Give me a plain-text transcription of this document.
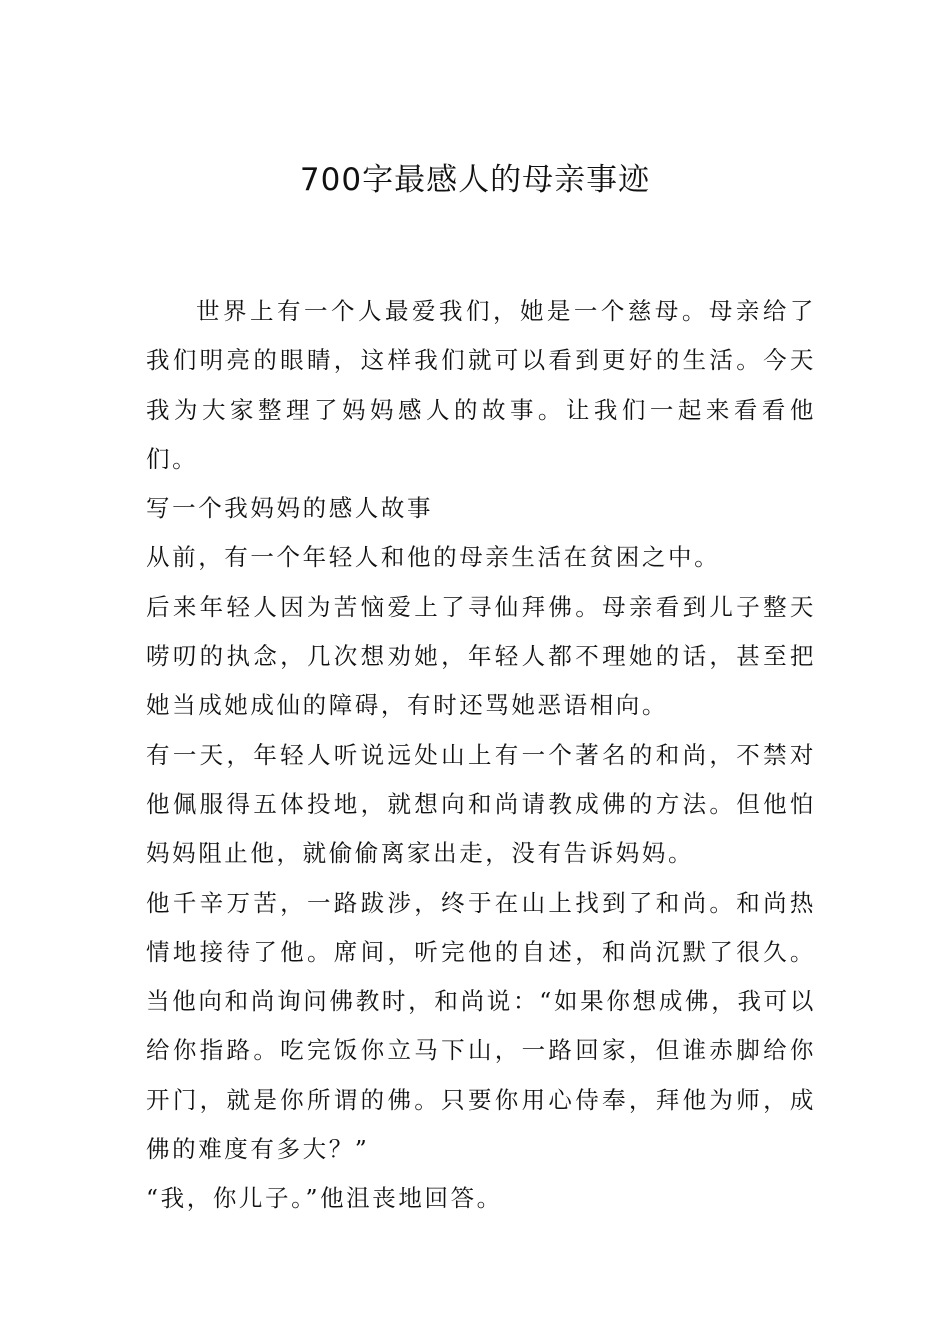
700字最感人的母亲事迹

世界上有一个人最爱我们，她是一个慈母。母亲给了我们明亮的眼睛，这样我们就可以看到更好的生活。今天我为大家整理了妈妈感人的故事。让我们一起来看看他们。

写一个我妈妈的感人故事

从前，有一个年轻人和他的母亲生活在贫困之中。

后来年轻人因为苦恼爱上了寻仙拜佛。母亲看到儿子整天唠叨的执念，几次想劝她，年轻人都不理她的话，甚至把她当成她成仙的障碍，有时还骂她恶语相向。

有一天，年轻人听说远处山上有一个著名的和尚，不禁对他佩服得五体投地，就想向和尚请教成佛的方法。但他怕妈妈阻止他，就偷偷离家出走，没有告诉妈妈。

他千辛万苦，一路跋涉，终于在山上找到了和尚。和尚热情地接待了他。席间，听完他的自述，和尚沉默了很久。当他向和尚询问佛教时，和尚说：“如果你想成佛，我可以给你指路。吃完饭你立马下山，一路回家，但谁赤脚给你开门，就是你所谓的佛。只要你用心侍奉，拜他为师，成佛的难度有多大？”

“我，你儿子。”他沮丧地回答。
